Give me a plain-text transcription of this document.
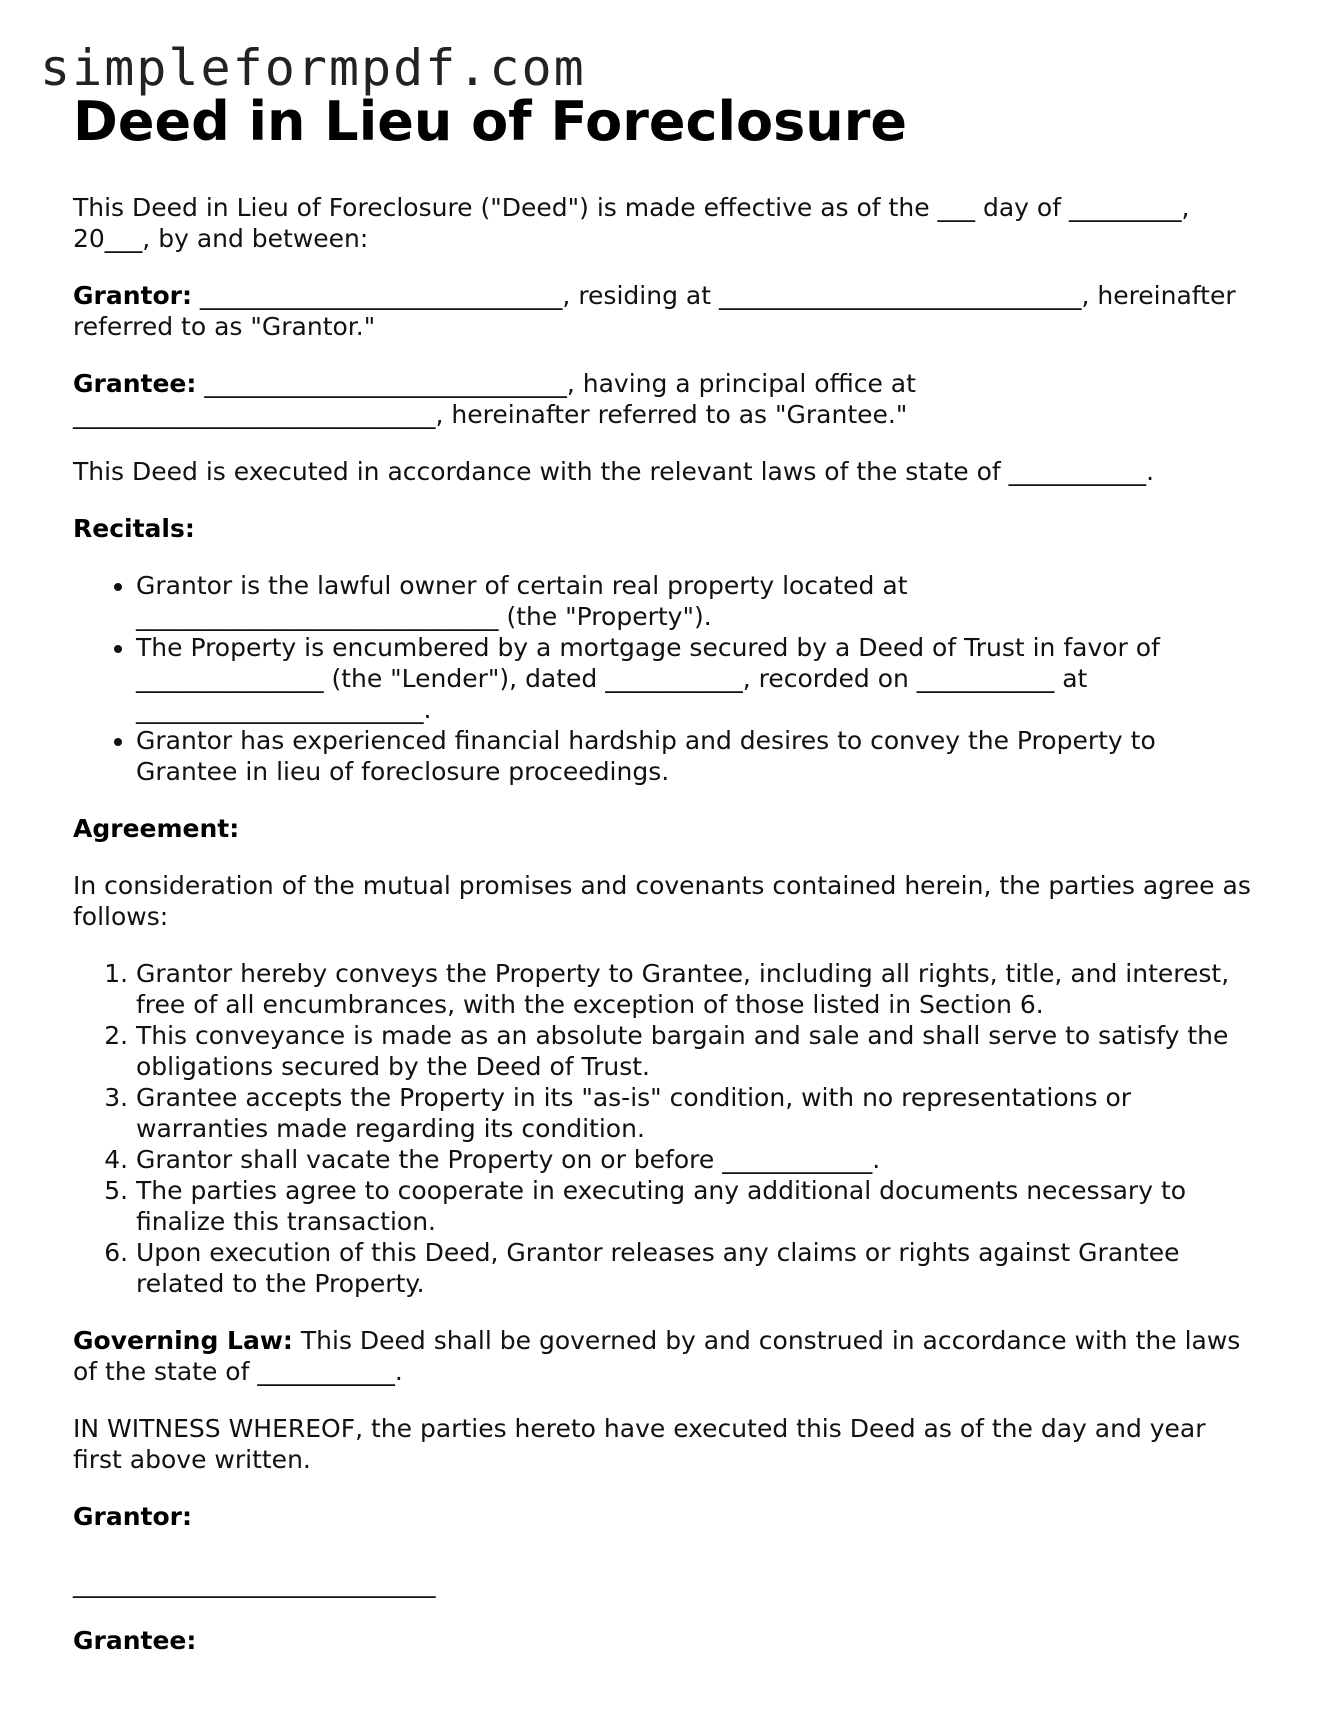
simpleformpdf.com
Deed in Lieu of Foreclosure

This Deed in Lieu of Foreclosure ("Deed") is made effective as of the ___ day of _________, 20___, by and between:

Grantor: _____________________________, residing at _____________________________, hereinafter referred to as "Grantor."

Grantee: _____________________________, having a principal office at _____________________________, hereinafter referred to as "Grantee."

This Deed is executed in accordance with the relevant laws of the state of ___________.

Recitals:
• Grantor is the lawful owner of certain real property located at _____________________________ (the "Property").
• The Property is encumbered by a mortgage secured by a Deed of Trust in favor of _______________ (the "Lender"), dated ___________, recorded on ___________ at _______________________.
• Grantor has experienced financial hardship and desires to convey the Property to Grantee in lieu of foreclosure proceedings.
Agreement:

In consideration of the mutual promises and covenants contained herein, the parties agree as follows:

1. Grantor hereby conveys the Property to Grantee, including all rights, title, and interest, free of all encumbrances, with the exception of those listed in Section 6.
2. This conveyance is made as an absolute bargain and sale and shall serve to satisfy the obligations secured by the Deed of Trust.
3. Grantee accepts the Property in its "as-is" condition, with no representations or warranties made regarding its condition.
4. Grantor shall vacate the Property on or before ____________.
5. The parties agree to cooperate in executing any additional documents necessary to finalize this transaction.
6. Upon execution of this Deed, Grantor releases any claims or rights against Grantee related to the Property.

Governing Law: This Deed shall be governed by and construed in accordance with the laws of the state of ___________.

IN WITNESS WHEREOF, the parties hereto have executed this Deed as of the day and year first above written.

Grantor:

_____________________________

Grantee:
